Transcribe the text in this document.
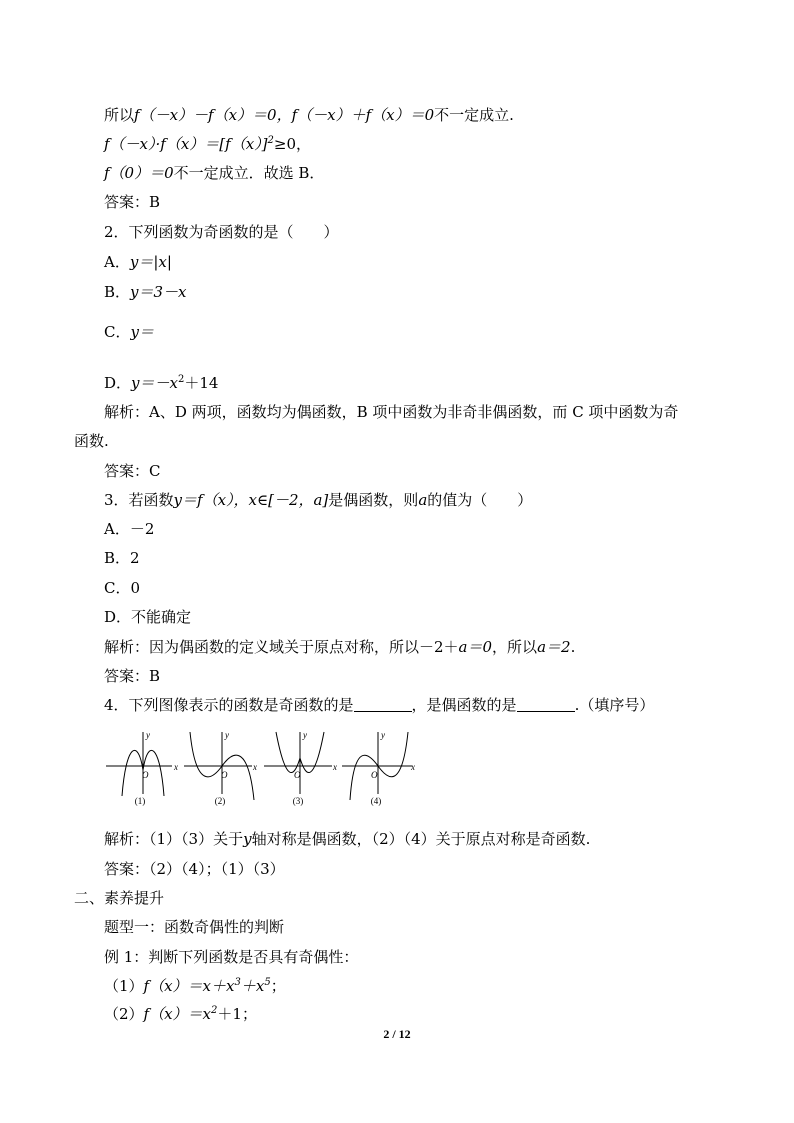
所以f（－x）－f（x）＝0，f（－x）＋f（x）＝0不一定成立.
$f(-x)\cdot f(x)=[f(x)]^2\ge 0$，
f（0）＝0不一定成立．故选 B．
答案：B
2．下列函数为奇函数的是（　　）
A．y＝|x|
B．y＝3－x
C．y＝
D．$y=-x^2+14$
解析：A、D 两项，函数均为偶函数，B 项中函数为非奇非偶函数，而 C 项中函数为奇
函数.
答案：C
3．若函数y＝f（x），x∈[－2，a]是偶函数，则a的值为（　　）
A．－2
B．2
C．0
D．不能确定
解析：因为偶函数的定义域关于原点对称，所以－2＋a＝0，所以a＝2.
答案：B
4．下列图像表示的函数是奇函数的是	，是偶函数的是	.（填序号）
y
x
O
y
x
O
y
x
O
y
x
O
(1)	(2)	(3)	(4)
解析：（1）（3）关于y轴对称是偶函数，（2）（4）关于原点对称是奇函数.
答案：（2）（4）；（1）（3）
二、素养提升
题型一：函数奇偶性的判断
例 1：判断下列函数是否具有奇偶性：
$(1)f(x)=x+x^3+x^5$；
$(2)f(x)=x^2+1$；
2 / 12
